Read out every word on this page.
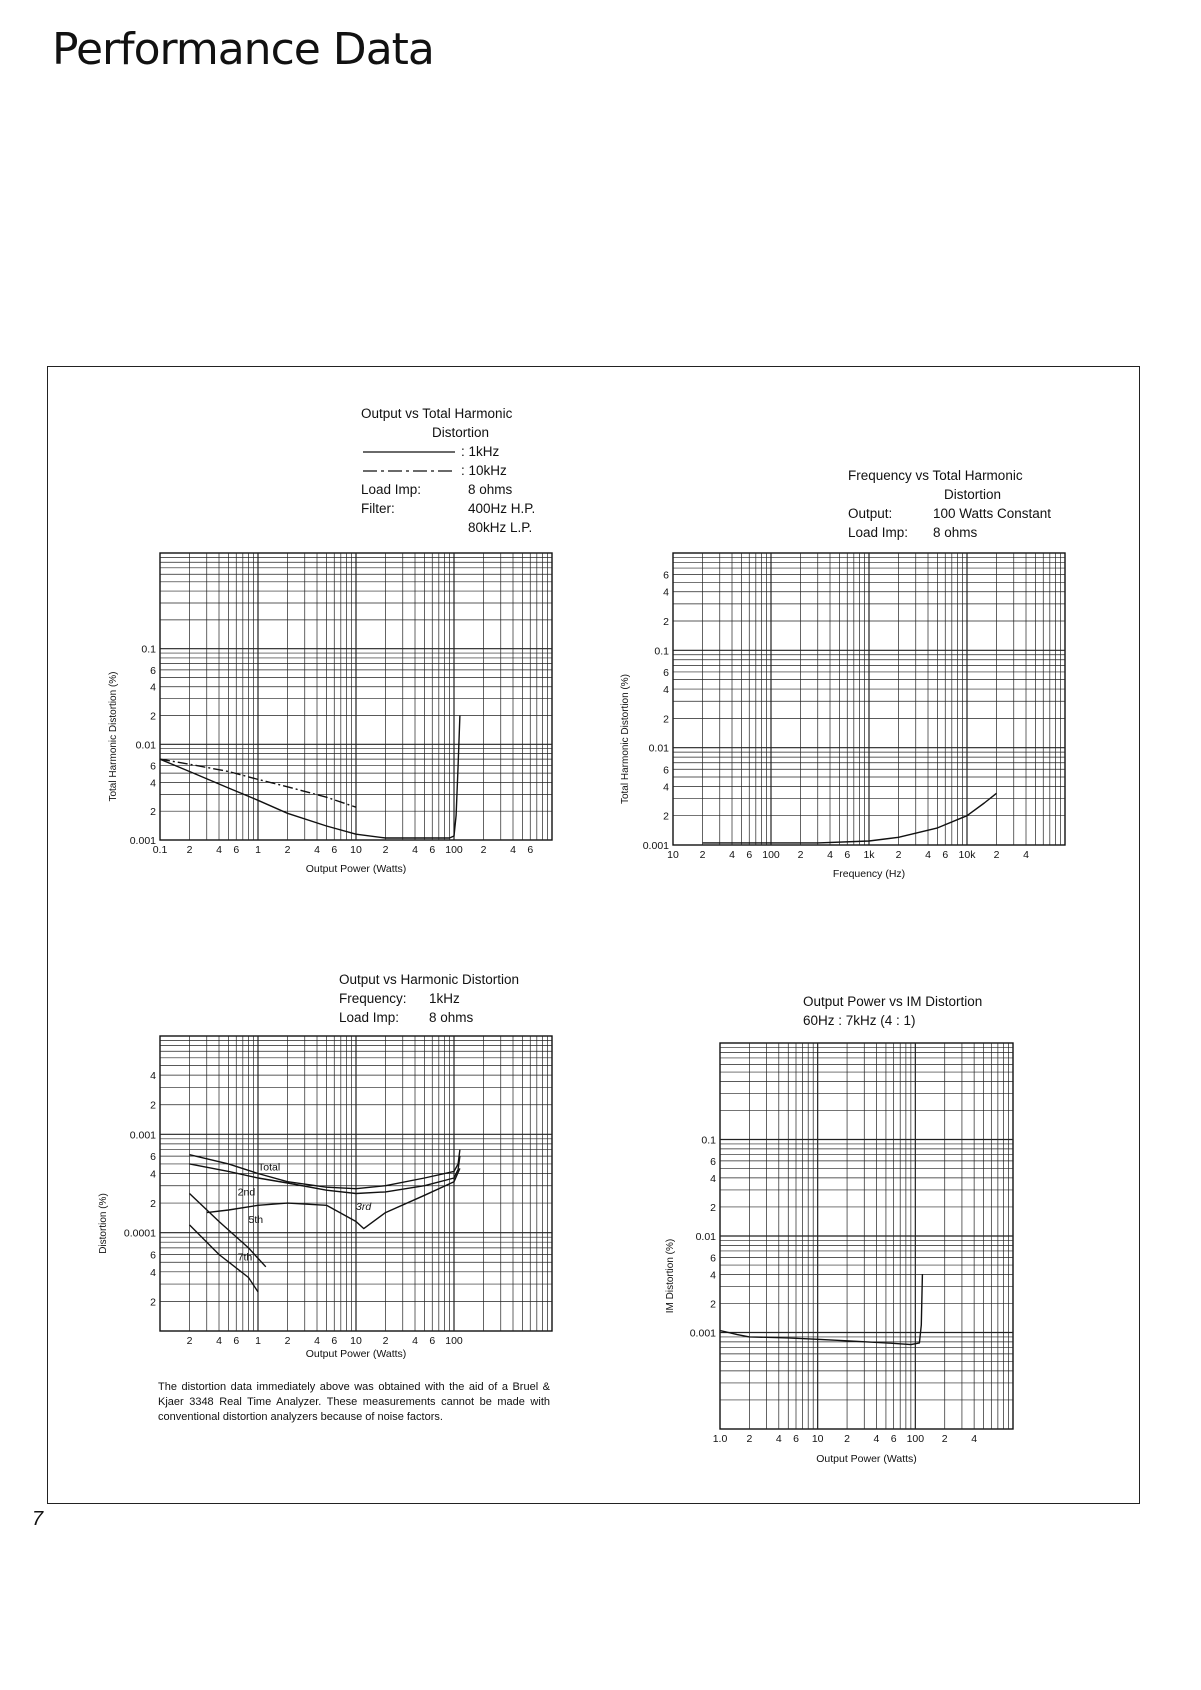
Performance Data
Output vs Total Harmonic
Distortion
: 1kHz
: 10kHz
Load Imp:	8 ohms
Filter:	400Hz H.P.
80kHz L.P.
Frequency vs Total Harmonic
Distortion
Output:	100 Watts Constant
Load Imp:	8 ohms
Output vs Harmonic Distortion
Frequency:	1kHz
Load Imp:	8 ohms
Output Power vs IM Distortion
60Hz : 7kHz (4 : 1)
0.1 2 4 6 1 2 4 6 10 2 4 6 100 2 4 6
0.001
2
4
6
0.01
2
4
6
0.1
Output Power (Watts)
Total Harmonic Distortion (%)
10 2 4 6 100 2 4 6 1k 2 4 6 10k 2 4
0.001
2
4
6
0.01
2
4
6
0.1
2
4
6
Frequency (Hz)
Total Harmonic Distortion (%)
2 4 6 1 2 4 6 10 2 4 6 100
2
4
6
0.0001
2
4
6
0.001
2
4
Output Power (Watts)
Distortion (%)
Total
2nd
3rd
5th
7th
1.0 2 4 6 10 2 4 6 100 2 4
0.001
2
4
6
0.01
2
4
6
0.1
Output Power (Watts)
IM Distortion (%)
The distortion data immediately above was obtained with the aid of a Bruel & Kjaer 3348 Real Time Analyzer. These measurements cannot be made with conventional distortion analyzers because of noise factors.
7
